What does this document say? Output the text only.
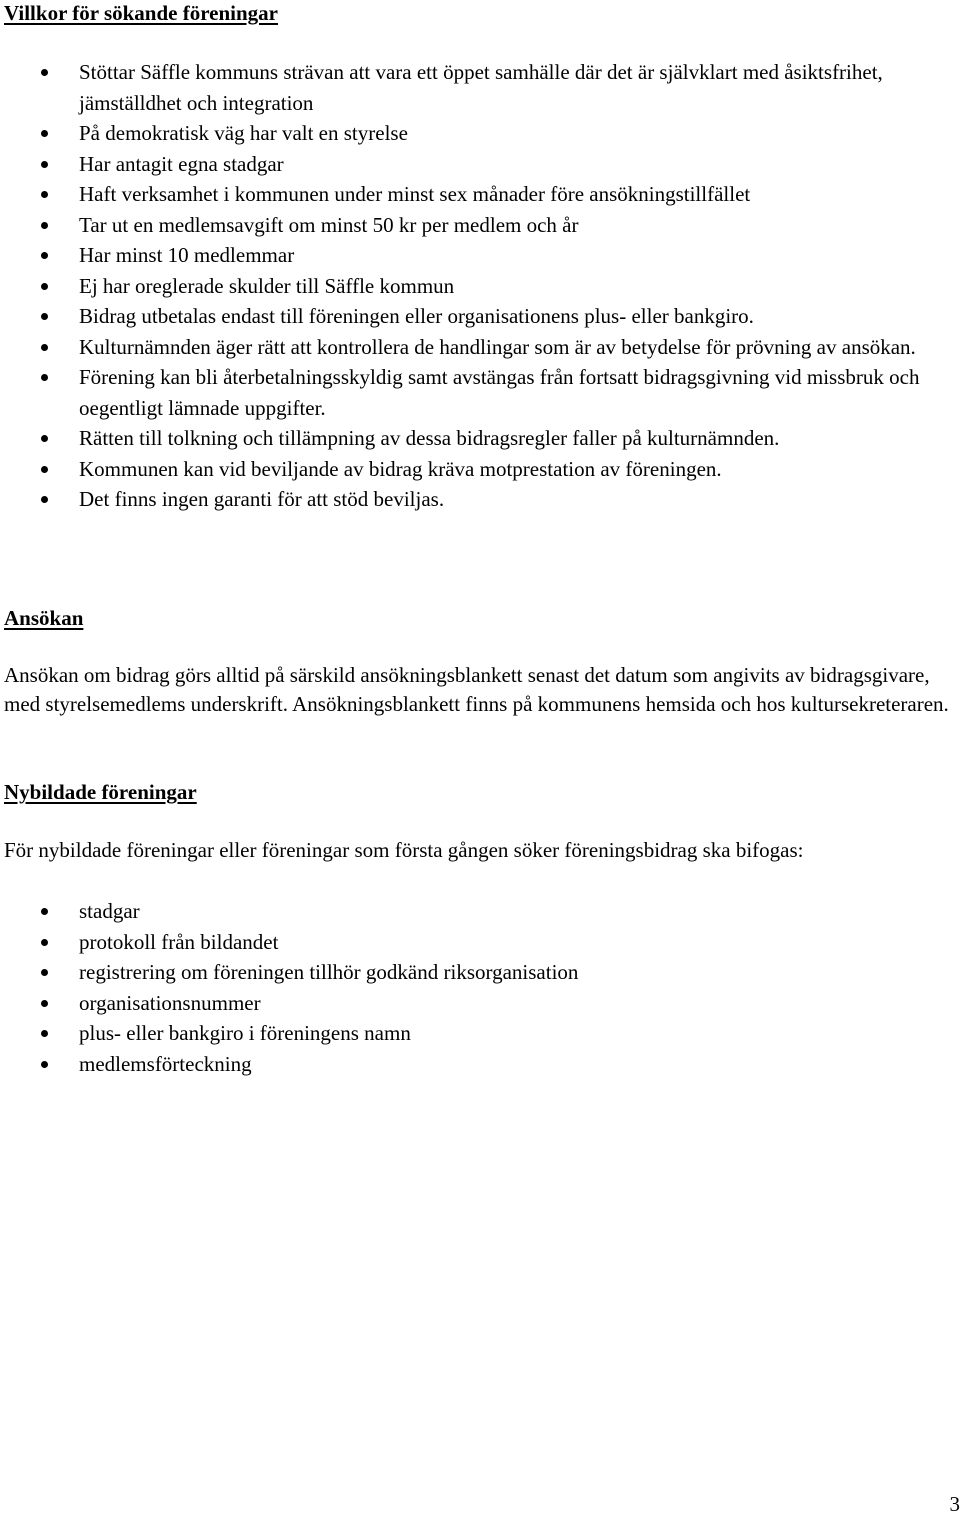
Villkor för sökande föreningar
Stöttar Säffle kommuns strävan att vara ett öppet samhälle där det är självklart med åsiktsfrihet, jämställdhet och integration
På demokratisk väg har valt en styrelse
Har antagit egna stadgar
Haft verksamhet i kommunen under minst sex månader före ansökningstillfället
Tar ut en medlemsavgift om minst 50 kr per medlem och år
Har minst 10 medlemmar
Ej har oreglerade skulder till Säffle kommun
Bidrag utbetalas endast till föreningen eller organisationens plus- eller bankgiro.
Kulturnämnden äger rätt att kontrollera de handlingar som är av betydelse för prövning av ansökan.
Förening kan bli återbetalningsskyldig samt avstängas från fortsatt bidragsgivning vid missbruk och oegentligt lämnade uppgifter.
Rätten till tolkning och tillämpning av dessa bidragsregler faller på kulturnämnden.
Kommunen kan vid beviljande av bidrag kräva motprestation av föreningen.
Det finns ingen garanti för att stöd beviljas.
Ansökan

Ansökan om bidrag görs alltid på särskild ansökningsblankett senast det datum som angivits av bidragsgivare, med styrelsemedlems underskrift. Ansökningsblankett finns på kommunens hemsida och hos kultursekreteraren.

Nybildade föreningar

För nybildade föreningar eller föreningar som första gången söker föreningsbidrag ska bifogas:

stadgar
protokoll från bildandet
registrering om föreningen tillhör godkänd riksorganisation
organisationsnummer
plus- eller bankgiro i föreningens namn
medlemsförteckning
3
